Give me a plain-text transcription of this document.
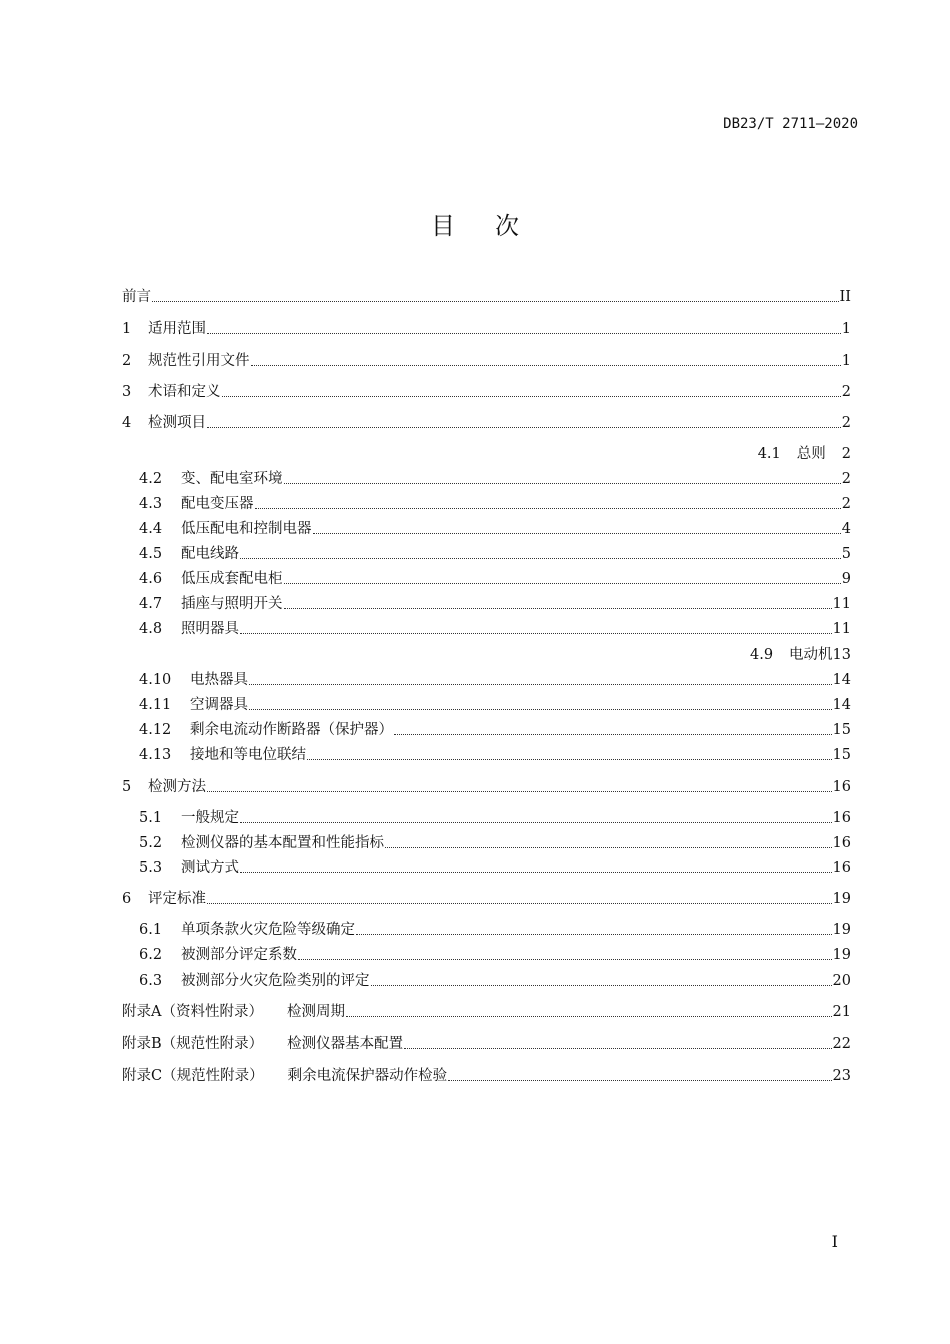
DB23/T 2711—2020
目 次
前言	II
1	适用范围	1
2	规范性引用文件	1
3	术语和定义	2
4	检测项目	2
4.1 总则 2
4.2	变、配电室环境	2
4.3	配电变压器	2
4.4	低压配电和控制电器	4
4.5	配电线路	5
4.6	低压成套配电柜	9
4.7	插座与照明开关	11
4.8	照明器具	11
4.9 电动机 13
4.10	电热器具	14
4.11	空调器具	14
4.12	剩余电流动作断路器（保护器）	15
4.13	接地和等电位联结	15
5	检测方法	16
5.1	一般规定	16
5.2	检测仪器的基本配置和性能指标	16
5.3	测试方式	16
6	评定标准	19
6.1	单项条款火灾危险等级确定	19
6.2	被测部分评定系数	19
6.3	被测部分火灾危险类别的评定	20
附录A（资料性附录） 检测周期	21
附录B（规范性附录） 检测仪器基本配置	22
附录C（规范性附录） 剩余电流保护器动作检验	23
I
